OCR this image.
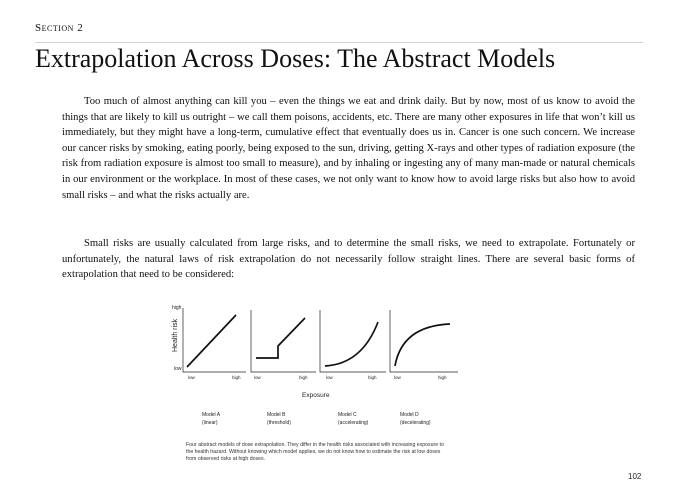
Section 2
Extrapolation Across Doses: The Abstract Models

Too much of almost anything can kill you – even the things we eat and drink daily. But by now, most of us know to avoid the things that are likely to kill us outright – we call them poisons, accidents, etc. There are many other exposures in life that won’t kill us immediately, but they might have a long-term, cumulative effect that eventually does us in. Cancer is one such concern. We increase our cancer risks by smoking, eating poorly, being exposed to the sun, driving, getting X-rays and other types of radiation exposure (the risk from radiation exposure is almost too small to measure), and by inhaling or ingesting any of many man-made or natural chemicals in our environment or the workplace. In most of these cases, we not only want to know how to avoid large risks but also how to avoid small risks – and what the risks actually are.

Small risks are usually calculated from large risks, and to determine the small risks, we need to extrapolate. Fortunately or unfortunately, the natural laws of risk extrapolation do not necessarily follow straight lines. There are several basic forms of extrapolation that need to be considered:

high
low
Health risk
low	high	low	high	low	high	low	high
Exposure
Model A
(linear)
Model B
(threshold)
Model C
(accelerating)
Model D
(decelerating)
Four abstract models of dose extrapolation. They differ in the health risks associated with increasing exposure to the health hazard. Without knowing which model applies, we do not know how to estimate the risk at low doses from observed risks at high doses.
102
